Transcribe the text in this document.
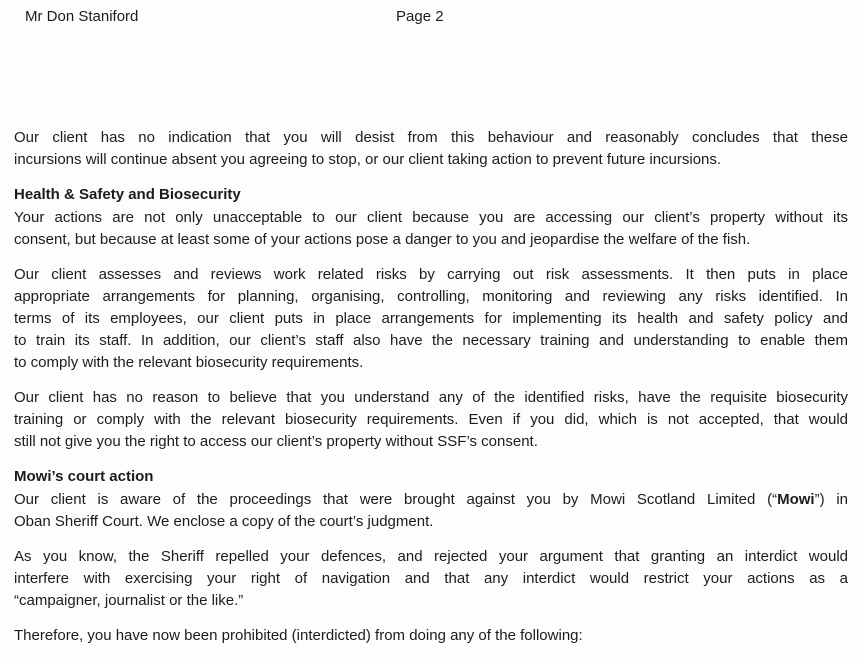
Mr Don Staniford	Page 2
Our client has no indication that you will desist from this behaviour and reasonably concludes that these
incursions will continue absent you agreeing to stop, or our client taking action to prevent future incursions.
Health & Safety and Biosecurity
Your actions are not only unacceptable to our client because you are accessing our client’s property without its
consent, but because at least some of your actions pose a danger to you and jeopardise the welfare of the fish.
Our client assesses and reviews work related risks by carrying out risk assessments. It then puts in place
appropriate arrangements for planning, organising, controlling, monitoring and reviewing any risks identified. In
terms of its employees, our client puts in place arrangements for implementing its health and safety policy and
to train its staff. In addition, our client’s staff also have the necessary training and understanding to enable them
to comply with the relevant biosecurity requirements.
Our client has no reason to believe that you understand any of the identified risks, have the requisite biosecurity
training or comply with the relevant biosecurity requirements. Even if you did, which is not accepted, that would
still not give you the right to access our client’s property without SSF’s consent.
Mowi’s court action
Our client is aware of the proceedings that were brought against you by Mowi Scotland Limited (“Mowi”) in
Oban Sheriff Court. We enclose a copy of the court’s judgment.
As you know, the Sheriff repelled your defences, and rejected your argument that granting an interdict would
interfere with exercising your right of navigation and that any interdict would restrict your actions as a
“campaigner, journalist or the like.”
Therefore, you have now been prohibited (interdicted) from doing any of the following:
